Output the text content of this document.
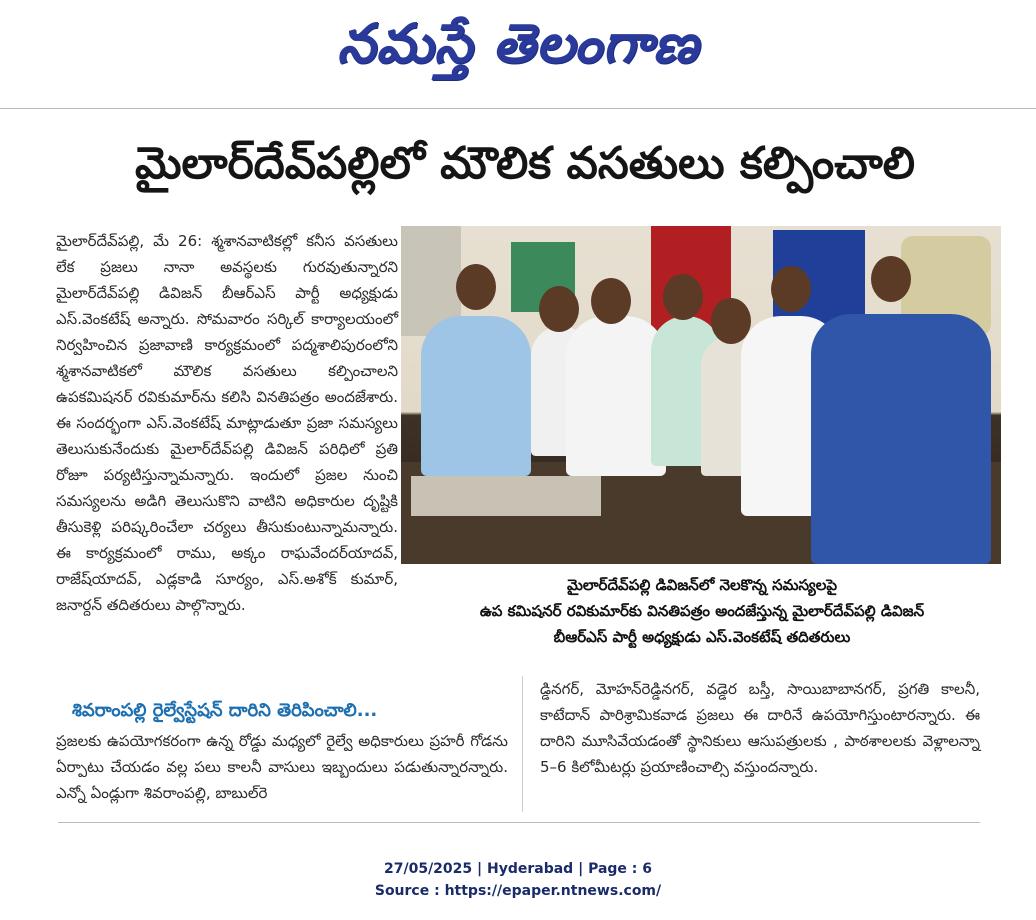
నమస్తే తెలంగాణ
మైలార్‌దేవ్‌పల్లిలో మౌలిక వసతులు కల్పించాలి
మైలార్‌దేవ్‌పల్లి, మే 26: శ్మశానవాటికల్లో కనీస వసతులు లేక ప్రజలు నానా అవస్థలకు గురవుతున్నారని మైలార్‌దేవ్‌పల్లి డివిజన్ బీఆర్‌ఎస్ పార్టీ అధ్యక్షుడు ఎస్.వెంకటేష్ అన్నారు. సోమవారం సర్కిల్ కార్యాలయంలో నిర్వహించిన ప్రజావాణి కార్యక్రమంలో పద్మశాలిపురంలోని శ్మశానవాటికలో మౌలిక వసతులు కల్పించాలని ఉపకమిషనర్ రవికుమార్‌ను కలిసి వినతిపత్రం అందజేశారు. ఈ సందర్భంగా ఎస్.వెంకటేష్ మాట్లాడుతూ ప్రజా సమస్యలు తెలుసుకునేందుకు మైలార్‌దేవ్‌పల్లి డివిజన్ పరిధిలో ప్రతి రోజూ పర్యటిస్తున్నామన్నారు. ఇందులో ప్రజల నుంచి సమస్యలను అడిగి తెలుసుకొని వాటిని అధికారుల దృష్టికి తీసుకెళ్లి పరిష్కరించేలా చర్యలు తీసుకుంటున్నామన్నారు. ఈ కార్యక్రమంలో రాము, అక్కం రాఘవేందర్‌యాదవ్, రాజేష్‌యాదవ్, ఎడ్లకాడి సూర్యం, ఎస్.అశోక్ కుమార్, జనార్దన్ తదితరులు పాల్గొన్నారు.
మైలార్‌దేవ్‌పల్లి డివిజన్‌లో నెలకొన్న సమస్యలపై
ఉప కమిషనర్ రవికుమార్‌కు వినతిపత్రం అందజేస్తున్న మైలార్‌దేవ్‌పల్లి డివిజన్
బీఆర్‌ఎస్ పార్టీ అధ్యక్షుడు ఎస్.వెంకటేష్ తదితరులు
శివరాంపల్లి రైల్వేస్టేషన్ దారిని తెరిపించాలి...
ప్రజలకు ఉపయోగకరంగా ఉన్న రోడ్డు మధ్యలో రైల్వే అధికారులు ప్రహరీ గోడను ఏర్పాటు చేయడం వల్ల పలు కాలనీ వాసులు ఇబ్బందులు పడుతున్నారన్నారు. ఎన్నో ఏండ్లుగా శివరాంపల్లి, బాబుల్‌రె
డ్డినగర్, మోహన్‌రెడ్డినగర్, వడ్డెర బస్తీ, సాయిబాబానగర్, ప్రగతి కాలనీ, కాటేదాన్ పారిశ్రామికవాడ ప్రజలు ఈ దారినే ఉపయోగిస్తుంటారన్నారు. ఈ దారిని మూసివేయడంతో స్థానికులు ఆసుపత్రులకు , పాఠశాలలకు వెళ్లాలన్నా 5–6 కిలోమీటర్లు ప్రయాణించాల్సి వస్తుందన్నారు.
27/05/2025 | Hyderabad | Page : 6
Source : https://epaper.ntnews.com/
